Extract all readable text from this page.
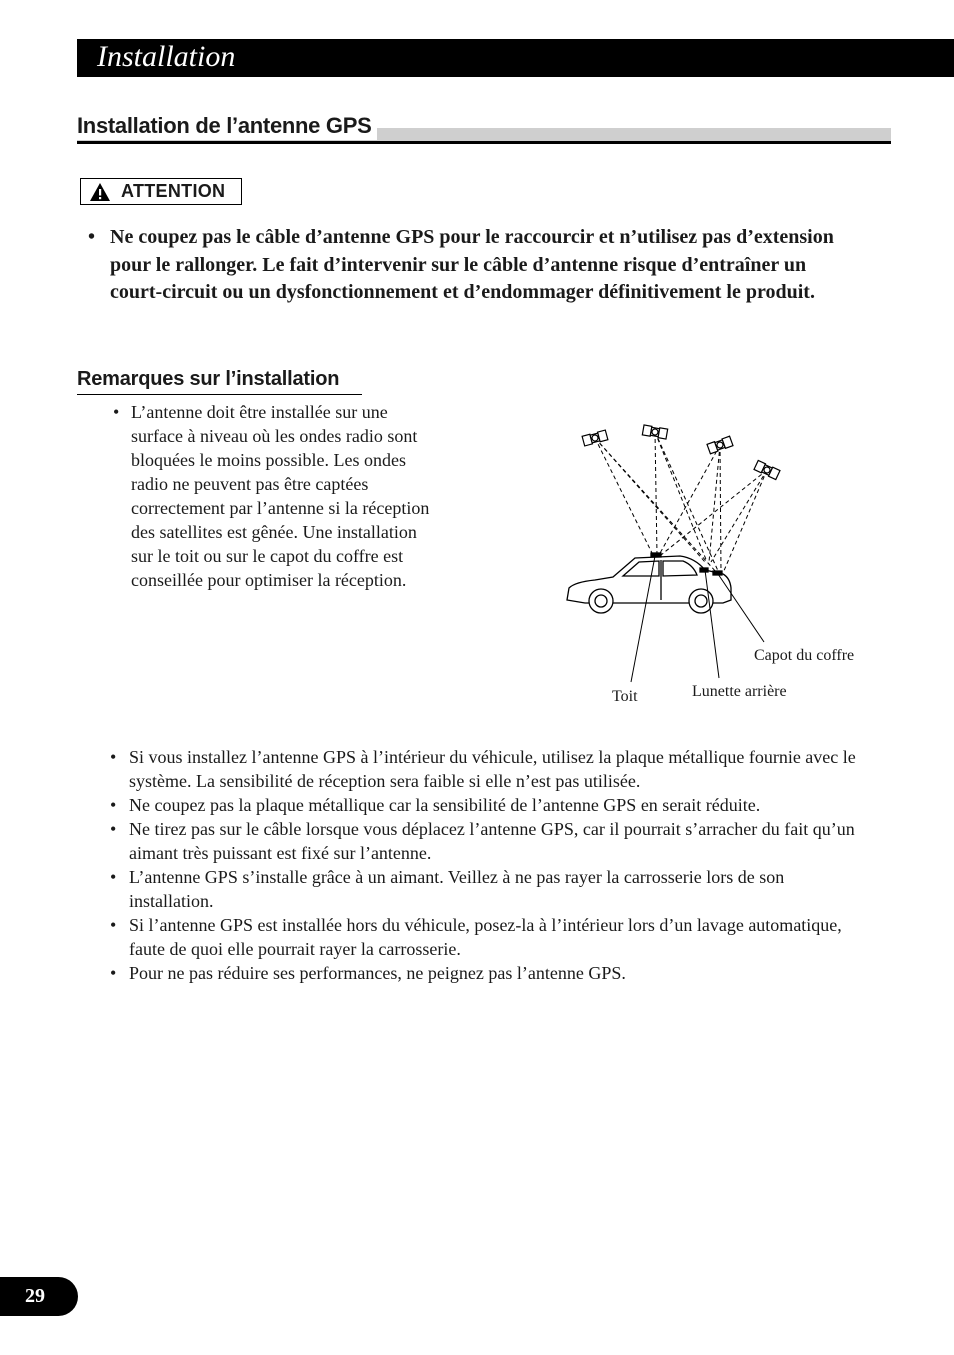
Installation
Installation de l’antenne GPS
ATTENTION
• Ne coupez pas le câble d’antenne GPS pour le raccourcir et n’utilisez pas d’extension pour le rallonger. Le fait d’intervenir sur le câble d’antenne risque d’entraîner un court-circuit ou un dysfonctionnement et d’endommager définitivement le produit.
Remarques sur l’installation
• L’antenne doit être installée sur une surface à niveau où les ondes radio sont bloquées le moins possible. Les ondes radio ne peuvent pas être captées correctement par l’antenne si la réception des satellites est gênée. Une installation sur le toit ou sur le capot du coffre est conseillée pour optimiser la réception.
Capot du coffre
Toit	Lunette arrière
• Si vous installez l’antenne GPS à l’intérieur du véhicule, utilisez la plaque métallique fournie avec le système. La sensibilité de réception sera faible si elle n’est pas utilisée.
• Ne coupez pas la plaque métallique car la sensibilité de l’antenne GPS en serait réduite.
• Ne tirez pas sur le câble lorsque vous déplacez l’antenne GPS, car il pourrait s’arracher du fait qu’un aimant très puissant est fixé sur l’antenne.
• L’antenne GPS s’installe grâce à un aimant. Veillez à ne pas rayer la carrosserie lors de son installation.
• Si l’antenne GPS est installée hors du véhicule, posez-la à l’intérieur lors d’un lavage automatique, faute de quoi elle pourrait rayer la carrosserie.
• Pour ne pas réduire ses performances, ne peignez pas l’antenne GPS.
29
